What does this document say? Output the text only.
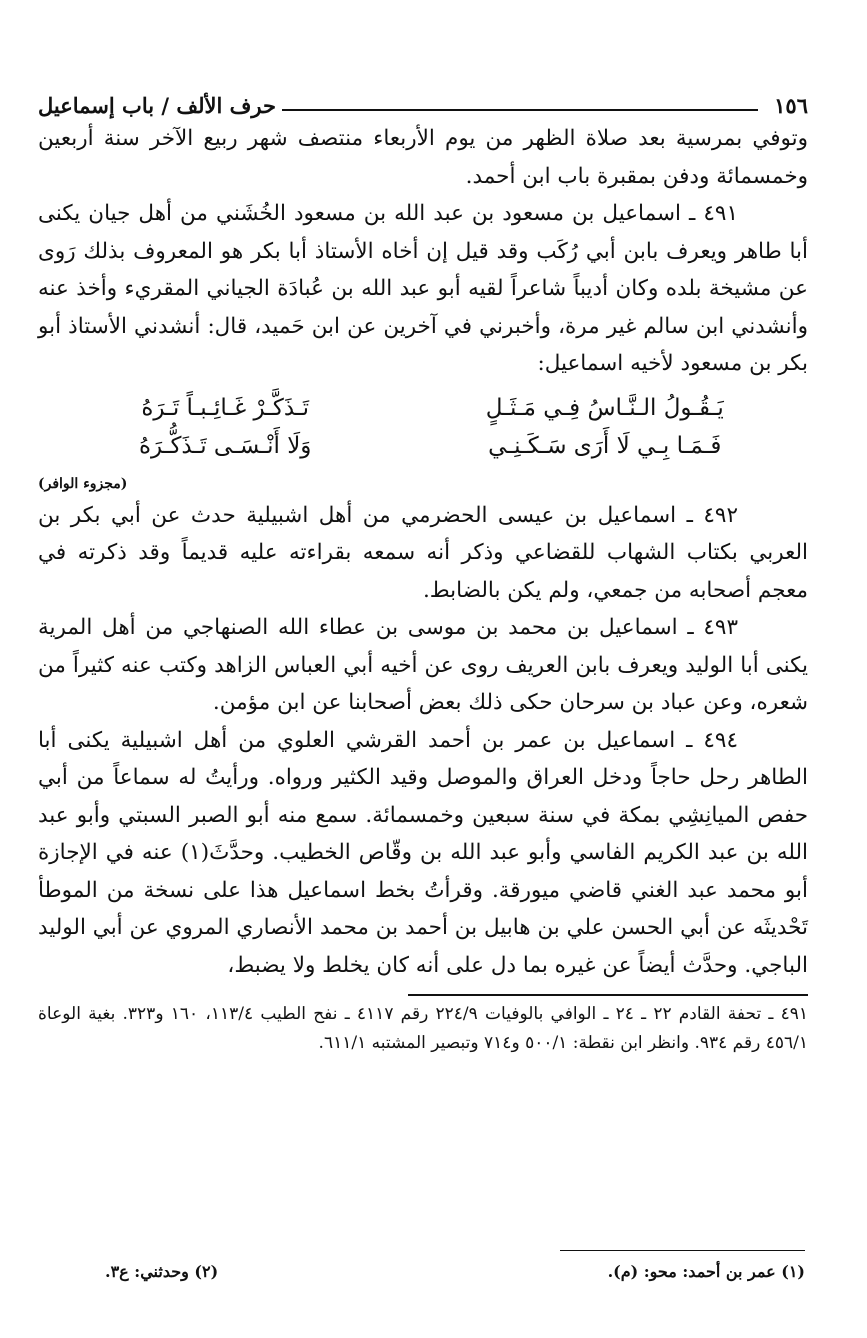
١٥٦
حرف الألف / باب إسماعيل

وتوفي بمرسية بعد صلاة الظهر من يوم الأربعاء منتصف شهر ربيع الآخر سنة أربعين وخمسمائة ودفن بمقبرة باب ابن أحمد.

٤٩١ ـ اسماعيل بن مسعود بن عبد الله بن مسعود الخُشَني من أهل جيان يكنى أبا طاهر ويعرف بابن أبي رُكَب وقد قيل إن أخاه الأستاذ أبا بكر هو المعروف بذلك رَوى عن مشيخة بلده وكان أديباً شاعراً لقيه أبو عبد الله بن عُبادَة الجياني المقريء وأخذ عنه وأنشدني ابن سالم غير مرة، وأخبرني في آخرين عن ابن حَميد، قال: أنشدني الأستاذ أبو بكر بن مسعود لأخيه اسماعيل:

يَـقُـولُ الـنَّـاسُ فِـي مَـثَـلٍ
تَـذَكَّـرْ غَـائِـبـاً تَـرَهُ
فَـمَـا بِـي لَا أَرَى سَـكَـنِـي
وَلَا أَنْـسَـى تَـذَكُّـرَهُ
(مجزوء الوافر)

٤٩٢ ـ اسماعيل بن عيسى الحضرمي من أهل اشبيلية حدث عن أبي بكر بن العربي بكتاب الشهاب للقضاعي وذكر أنه سمعه بقراءته عليه قديماً وقد ذكرته في معجم أصحابه من جمعي، ولم يكن بالضابط.

٤٩٣ ـ اسماعيل بن محمد بن موسى بن عطاء الله الصنهاجي من أهل المرية يكنى أبا الوليد ويعرف بابن العريف روى عن أخيه أبي العباس الزاهد وكتب عنه كثيراً من شعره، وعن عباد بن سرحان حكى ذلك بعض أصحابنا عن ابن مؤمن.

٤٩٤ ـ اسماعيل بن عمر بن أحمد القرشي العلوي من أهل اشبيلية يكنى أبا الطاهر رحل حاجاً ودخل العراق والموصل وقيد الكثير ورواه. ورأيتُ له سماعاً من أبي حفص الميانِشِي بمكة في سنة سبعين وخمسمائة. سمع منه أبو الصبر السبتي وأبو عبد الله بن عبد الكريم الفاسي وأبو عبد الله بن وقّاص الخطيب. وحدَّثَ(١) عنه في الإجازة أبو محمد عبد الغني قاضي ميورقة. وقرأتُ بخط اسماعيل هذا على نسخة من الموطأ تَحْديثَه عن أبي الحسن علي بن هابيل بن أحمد بن محمد الأنصاري المروي عن أبي الوليد الباجي. وحدَّث أيضاً عن غيره بما دل على أنه كان يخلط ولا يضبط،

٤٩١ ـ تحفة القادم ٢٢ ـ ٢٤ ـ الوافي بالوفيات ٢٢٤/٩ رقم ٤١١٧ ـ نفح الطيب ١١٣/٤، ١٦٠ و٣٢٣. بغية الوعاة ٤٥٦/١ رقم ٩٣٤. وانظر ابن نقطة: ٥٠٠/١ و٧١٤ وتبصير المشتبه ٦١١/١.
(١) عمر بن أحمد: محو: (م).
(٢) وحدثني: ع٣.
